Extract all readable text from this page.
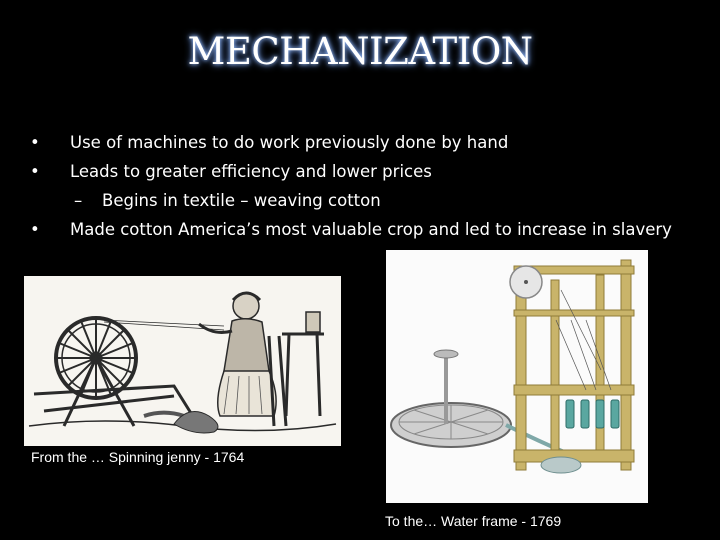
MECHANIZATION
• Use of machines to do work previously done by hand
• Leads to greater efficiency and lower prices
– Begins in textile – weaving cotton
• Made cotton America’s most valuable crop and led to increase in slavery
From the … Spinning jenny - 1764
To the… Water frame - 1769
